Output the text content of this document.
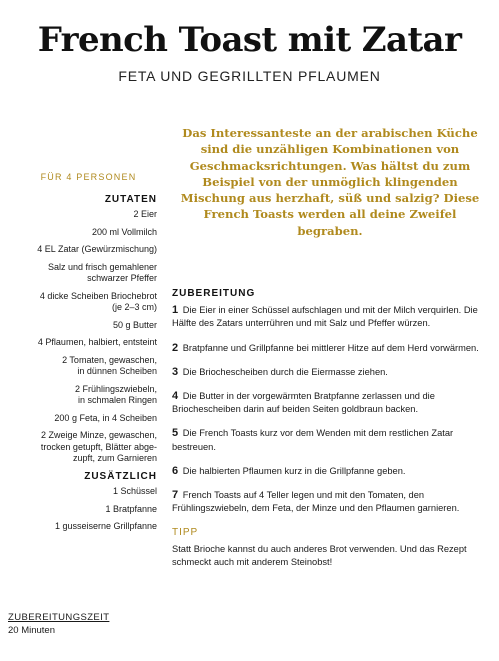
French Toast mit Zatar
FETA UND GEGRILLTEN PFLAUMEN
Das Interessanteste an der arabischen Küche sind die unzähligen Kombinationen von Geschmacksrichtungen. Was hältst du zum Beispiel von der unmöglich klingenden Mischung aus herzhaft, süß und salzig? Diese French Toasts werden all deine Zweifel begraben.
FÜR 4 PERSONEN
ZUTATEN
2 Eier
200 ml Vollmilch
4 EL Zatar (Gewürzmischung)
Salz und frisch gemahlener
schwarzer Pfeffer
4 dicke Scheiben Briochebrot
(je 2–3 cm)
50 g Butter
4 Pflaumen, halbiert, entsteint
2 Tomaten, gewaschen,
in dünnen Scheiben
2 Frühlingszwiebeln,
in schmalen Ringen
200 g Feta, in 4 Scheiben
2 Zweige Minze, gewaschen,
trocken getupft, Blätter abge-
zupft, zum Garnieren
ZUSÄTZLICH
1 Schüssel
1 Bratpfanne
1 gusseiserne Grillpfanne
ZUBEREITUNGSZEIT
20 Minuten
ZUBEREITUNG
1 Die Eier in einer Schüssel aufschlagen und mit der Milch verquirlen. Die Hälfte des Zatars unterrühren und mit Salz und Pfeffer würzen.
2 Bratpfanne und Grillpfanne bei mittlerer Hitze auf dem Herd vorwärmen.
3 Die Briochescheiben durch die Eiermasse ziehen.
4 Die Butter in der vorgewärmten Bratpfanne zerlassen und die Briochescheiben darin auf beiden Seiten goldbraun backen.
5 Die French Toasts kurz vor dem Wenden mit dem restlichen Zatar bestreuen.
6 Die halbierten Pflaumen kurz in die Grillpfanne geben.
7 French Toasts auf 4 Teller legen und mit den Tomaten, den Frühlingszwiebeln, dem Feta, der Minze und den Pflaumen garnieren.
TIPP
Statt Brioche kannst du auch anderes Brot verwenden. Und das Rezept schmeckt auch mit anderem Steinobst!
